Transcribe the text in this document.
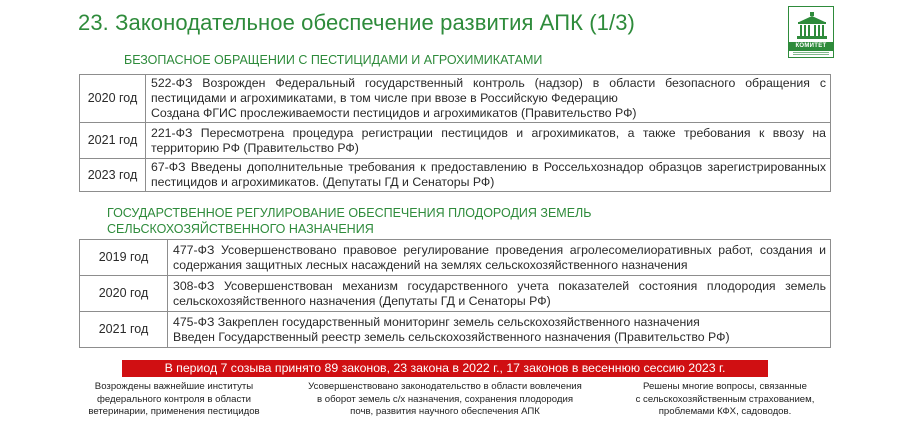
23. Законодательное обеспечение развития АПК (1/3)
КОМИТЕТ
БЕЗОПАСНОЕ ОБРАЩЕНИИ С ПЕСТИЦИДАМИ И АГРОХИМИКАТАМИ
2020 год	522-ФЗ Возрожден Федеральный государственный контроль (надзор) в области безопасного обращения с пестицидами и агрохимикатами, в том числе при ввозе в Российскую Федерацию
Создана ФГИС прослеживаемости пестицидов и агрохимикатов (Правительство РФ)

2021 год	221-ФЗ Пересмотрена процедура регистрации пестицидов и агрохимикатов, а также требования к ввозу на территорию РФ (Правительство РФ)

2023 год	67-ФЗ Введены дополнительные требования к предоставлению в Россельхознадор образцов зарегистрированных пестицидов и агрохимикатов. (Депутаты ГД и Сенаторы РФ)
ГОСУДАРСТВЕННОЕ РЕГУЛИРОВАНИЕ ОБЕСПЕЧЕНИЯ ПЛОДОРОДИЯ ЗЕМЕЛЬ СЕЛЬСКОХОЗЯЙСТВЕННОГО НАЗНАЧЕНИЯ
2019 год	477-ФЗ Усовершенствовано правовое регулирование проведения агролесомелиоративных работ, создания и содержания защитных лесных насаждений на землях сельскохозяйственного назначения

2020 год	308-ФЗ Усовершенствован механизм государственного учета показателей состояния плодородия земель сельскохозяйственного назначения (Депутаты ГД и Сенаторы РФ)

2021 год	475-ФЗ Закреплен государственный мониторинг земель сельскохозяйственного назначения
Введен Государственный реестр земель сельскохозяйственного назначения (Правительство РФ)
В период 7 созыва принято 89 законов, 23 закона в 2022 г., 17 законов в весеннюю сессию 2023 г.
Возрождены важнейшие институты
федерального контроля в области
ветеринарии, применения пестицидов
Усовершенствовано законодательство в области вовлечения
в оборот земель с/х назначения, сохранения плодородия
почв, развития научного обеспечения АПК
Решены многие вопросы, связанные
с сельскохозяйственным страхованием,
проблемами КФХ, садоводов.
